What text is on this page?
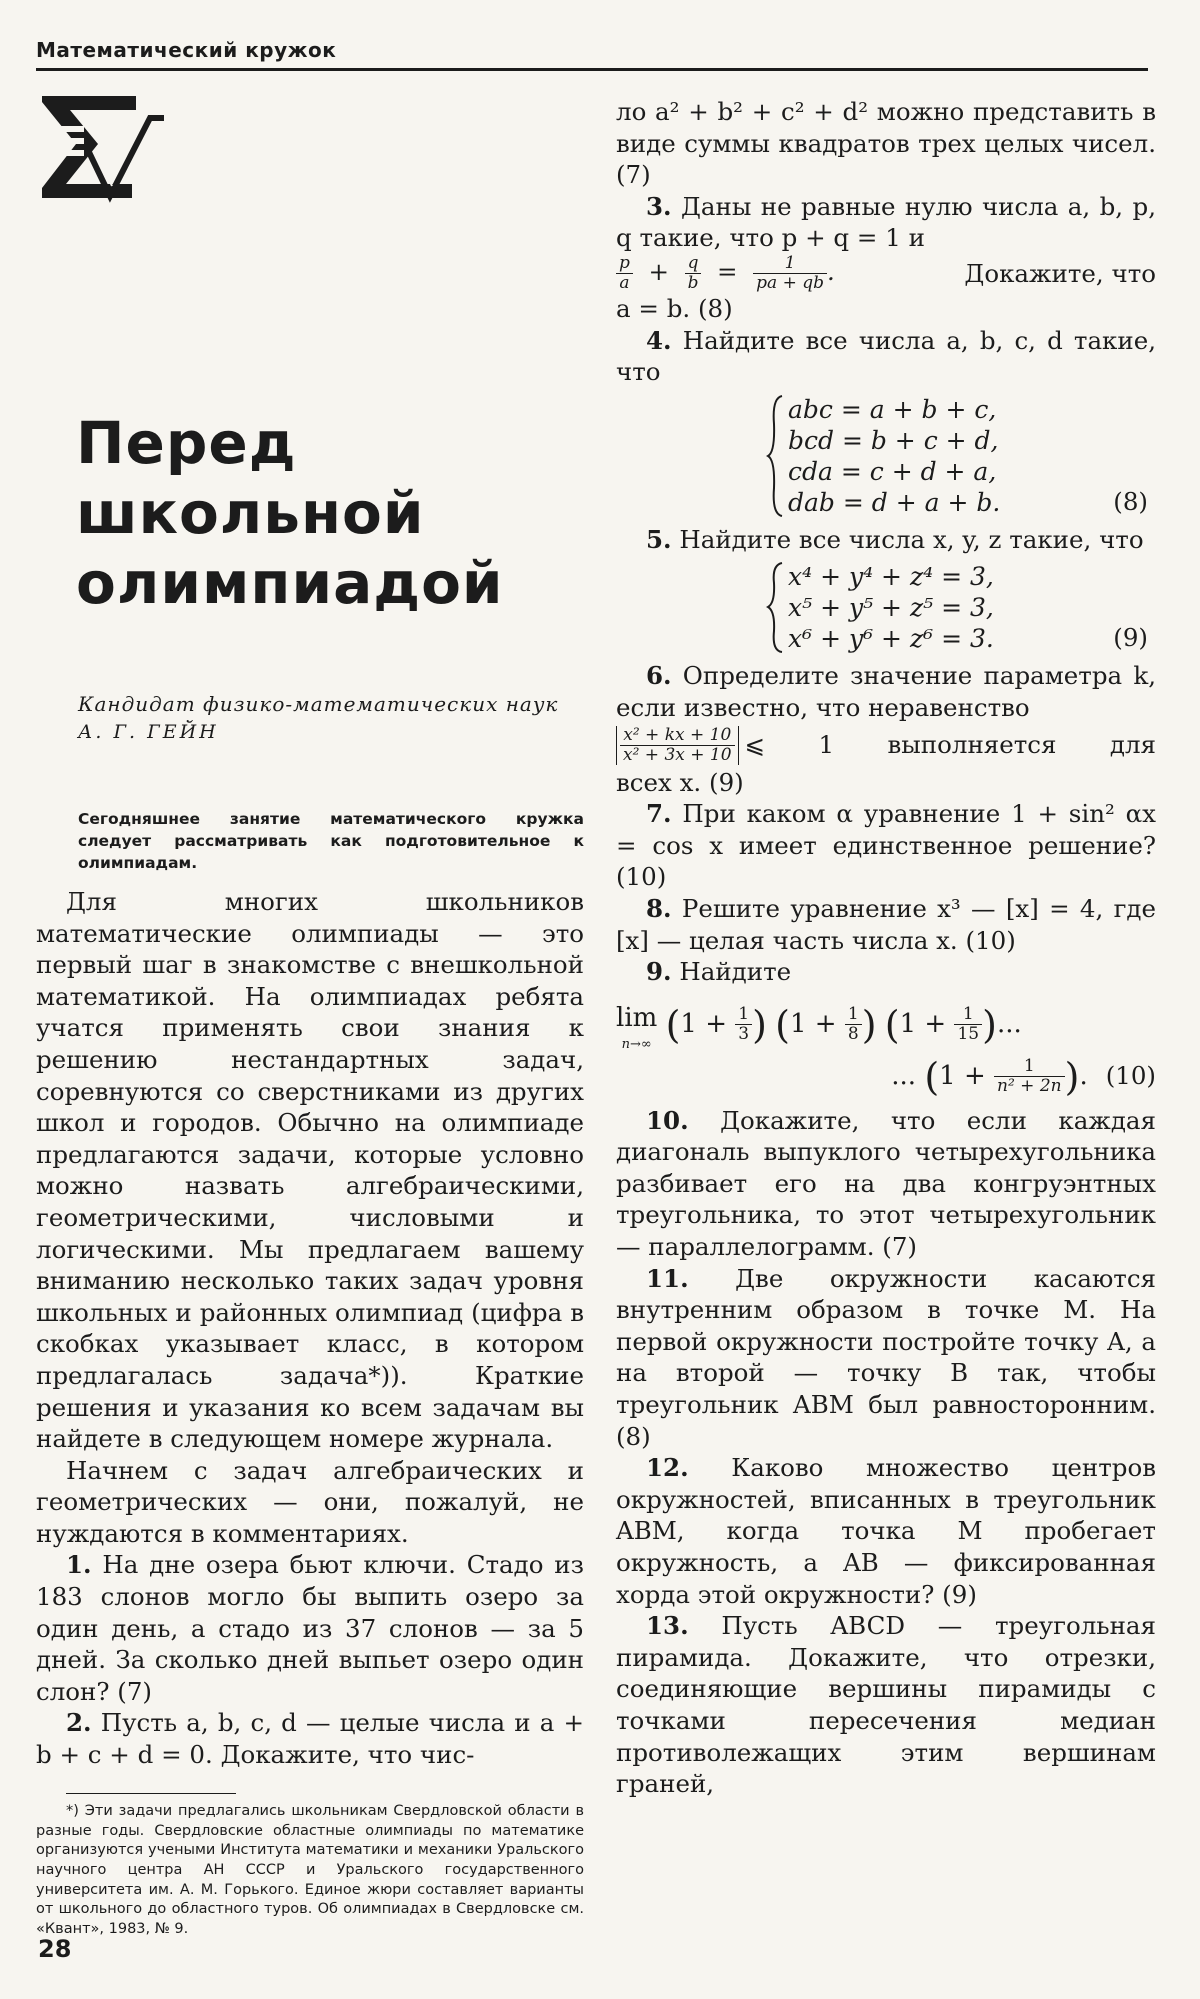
Математический кружок
Перед школьной
олимпиадой
Кандидат физико-математических наук
А. Г. ГЕЙН
Сегодняшнее занятие математического кружка следует рассматривать как подготовительное к олимпиадам.

Для многих школьников математические олимпиады — это первый шаг в знакомстве с внешкольной математикой. На олимпиадах ребята учатся применять свои знания к решению нестандартных задач, соревнуются со сверстниками из других школ и городов. Обычно на олимпиаде предлагаются задачи, которые условно можно назвать алгебраическими, геометрическими, числовыми и логическими. Мы предлагаем вашему вниманию несколько таких задач уровня школьных и районных олимпиад (цифра в скобках указывает класс, в котором предлагалась задача*)). Краткие решения и указания ко всем задачам вы найдете в следующем номере журнала.

Начнем с задач алгебраических и геометрических — они, пожалуй, не нуждаются в комментариях.

1. На дне озера бьют ключи. Стадо из 183 слонов могло бы выпить озеро за один день, а стадо из 37 слонов — за 5 дней. За сколько дней выпьет озеро один слон? (7)

2. Пусть a, b, c, d — целые числа и a + b + c + d = 0. Докажите, что чис-

*) Эти задачи предлагались школьникам Свердловской области в разные годы. Свердловские областные олимпиады по математике организуются учеными Института математики и механики Уральского научного центра АН СССР и Уральского государственного университета им. А. М. Горького. Единое жюри составляет варианты от школьного до областного туров. Об олимпиадах в Свердловске см. «Квант», 1983, № 9.

ло a² + b² + c² + d² можно представить в виде суммы квадратов трех целых чисел. (7)

3. Даны не равные нулю числа a, b, p, q такие, что p + q = 1 и

$\frac{p}{a} + \frac{q}{b} = \frac{1}{pa + qb}$ .	Докажите, что

a = b. (8)

4. Найдите все числа a, b, c, d такие, что

abc = a + b + c,
bcd = b + c + d,
cda = c + d + a,
dab = d + a + b.	(8)

5. Найдите все числа x, y, z такие, что

x⁴ + y⁴ + z⁴ = 3,
x⁵ + y⁵ + z⁵ = 3,
x⁶ + y⁶ + z⁶ = 3.	(9)

6. Определите значение параметра k, если известно, что неравенство

$\frac{\text{x² + kx + 10}}{\text{x² + 3x + 10}}$ ⩽ 1 выполняется для

всех x. (9)

7. При каком α уравнение 1 + sin² αx = cos x имеет единственное решение? (10)

8. Решите уравнение x³ — [x] = 4, где [x] — целая часть числа x. (10)

9. Найдите

lim
n→∞ ($1 + \frac{1}{3}$ ) ($1 + \frac{1}{8}$ ) ($1 + \frac{1}{15}$ )...
... ($1 + \frac{1}{\text{n² + 2n}}$ ). (10)

10. Докажите, что если каждая диагональ выпуклого четырехугольника разбивает его на два конгруэнтных треугольника, то этот четырехугольник — параллелограмм. (7)

11. Две окружности касаются внутренним образом в точке M. На первой окружности постройте точку A, а на второй — точку B так, чтобы треугольник ABM был равносторонним. (8)

12. Каково множество центров окружностей, вписанных в треугольник ABM, когда точка M пробегает окружность, а AB — фиксированная хорда этой окружности? (9)

13. Пусть ABCD — треугольная пирамида. Докажите, что отрезки, соединяющие вершины пирамиды с точками пересечения медиан противолежащих этим вершинам граней,

28
